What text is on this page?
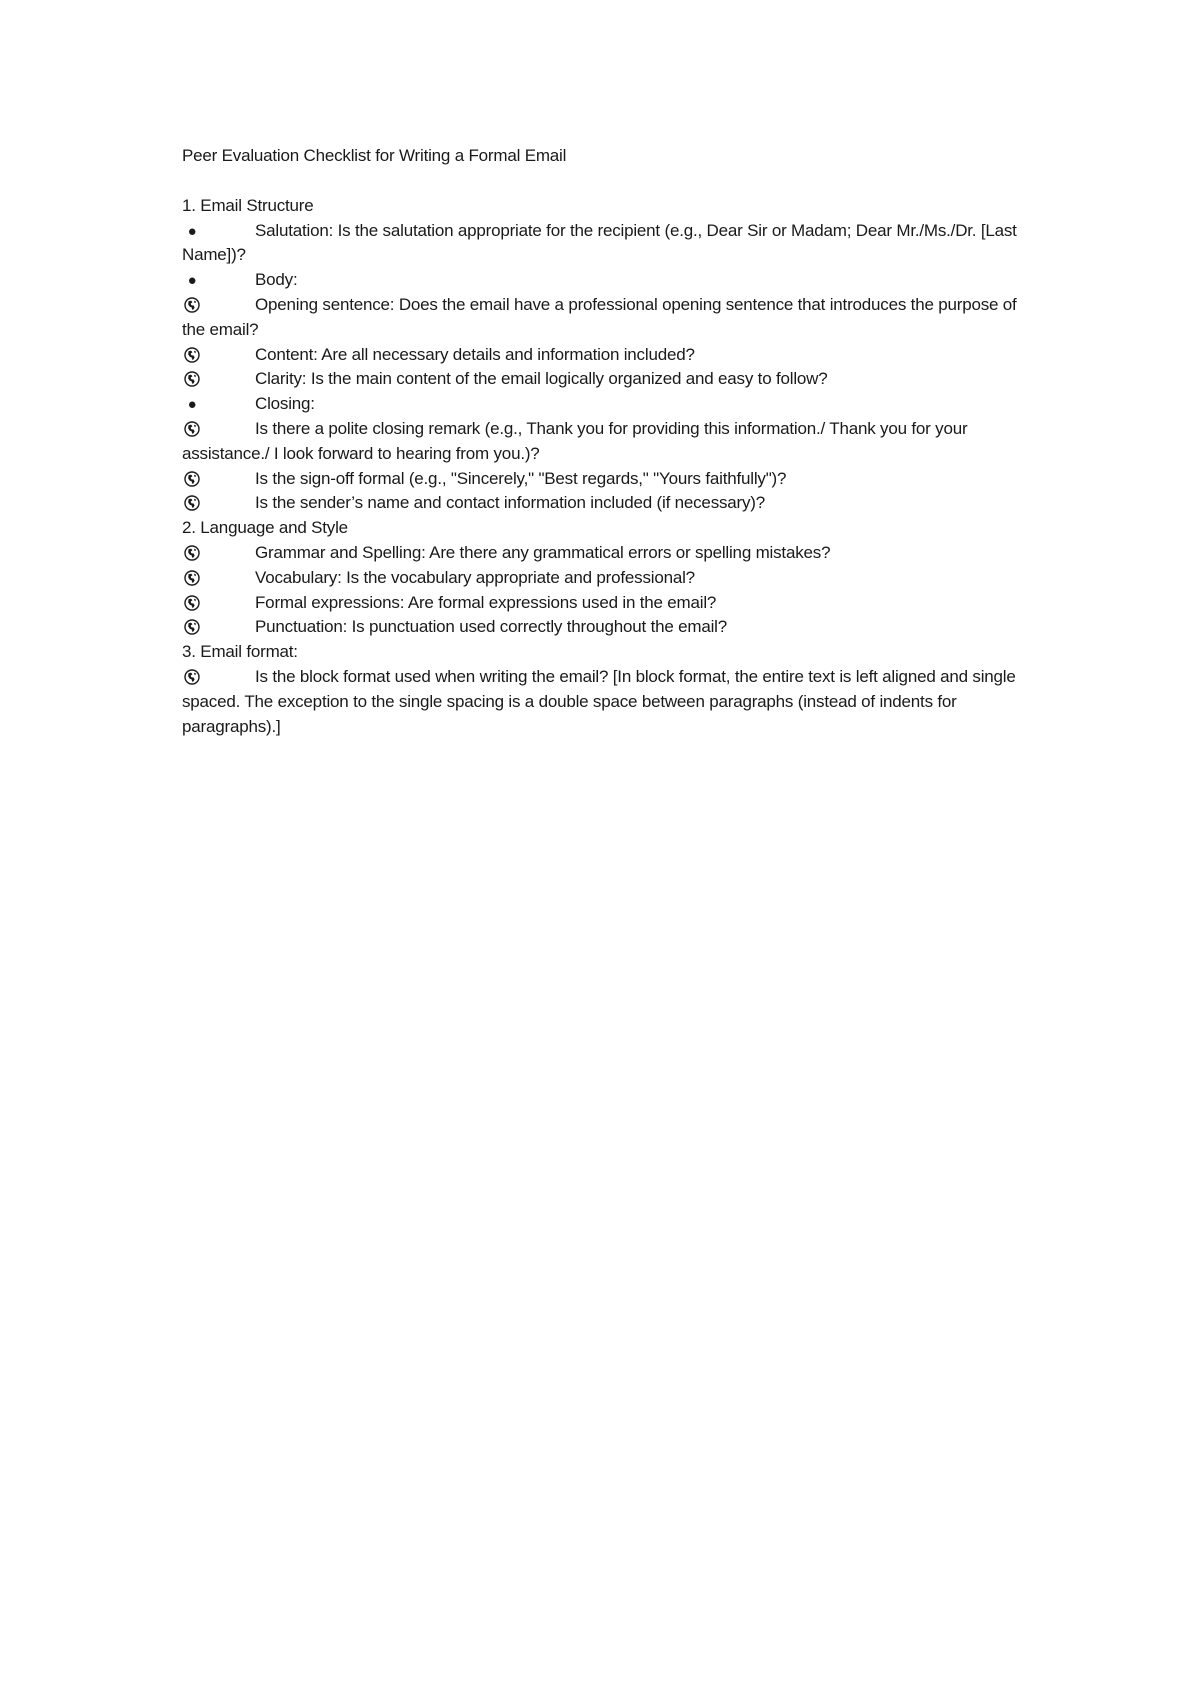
Peer Evaluation Checklist for Writing a Formal Email

1. Email Structure

●	Salutation: Is the salutation appropriate for the recipient (e.g., Dear Sir or Madam; Dear Mr./Ms./Dr. [Last Name])?

●	Body:

Opening sentence: Does the email have a professional opening sentence that introduces the purpose of the email?

Content: Are all necessary details and information included?

Clarity: Is the main content of the email logically organized and easy to follow?

●	Closing:

Is there a polite closing remark (e.g., Thank you for providing this information./ Thank you for your assistance./ I look forward to hearing from you.)?

Is the sign-off formal (e.g., "Sincerely," "Best regards," "Yours faithfully")?

Is the sender’s name and contact information included (if necessary)?

2. Language and Style

Grammar and Spelling: Are there any grammatical errors or spelling mistakes?

Vocabulary: Is the vocabulary appropriate and professional?

Formal expressions: Are formal expressions used in the email?

Punctuation: Is punctuation used correctly throughout the email?

3. Email format:

Is the block format used when writing the email? [In block format, the entire text is left aligned and single spaced. The exception to the single spacing is a double space between paragraphs (instead of indents for paragraphs).]
